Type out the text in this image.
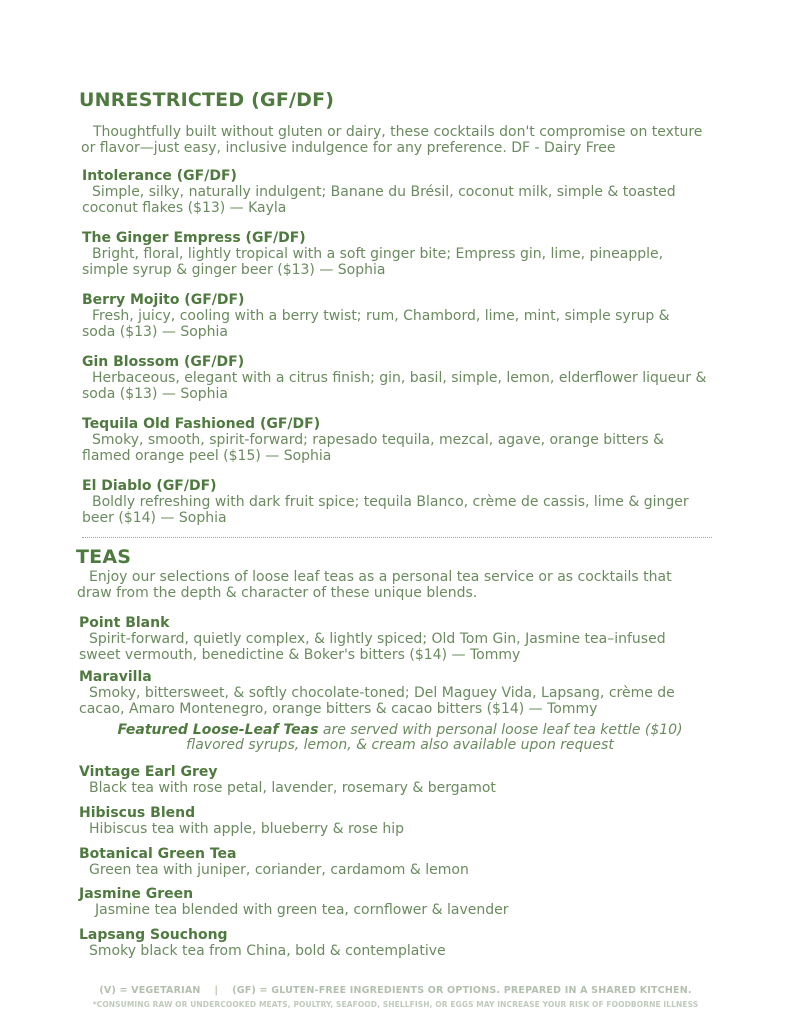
UNRESTRICTED (GF/DF)
Thoughtfully built without gluten or dairy, these cocktails don't compromise on texture or flavor—just easy, inclusive indulgence for any preference. DF - Dairy Free
Intolerance (GF/DF)
Simple, silky, naturally indulgent; Banane du Brésil, coconut milk, simple & toasted coconut flakes ($13) — Kayla
The Ginger Empress (GF/DF)
Bright, floral, lightly tropical with a soft ginger bite; Empress gin, lime, pineapple, simple syrup & ginger beer ($13) — Sophia
Berry Mojito (GF/DF)
Fresh, juicy, cooling with a berry twist; rum, Chambord, lime, mint, simple syrup & soda ($13) — Sophia
Gin Blossom (GF/DF)
Herbaceous, elegant with a citrus finish; gin, basil, simple, lemon, elderflower liqueur & soda ($13) — Sophia
Tequila Old Fashioned (GF/DF)
Smoky, smooth, spirit-forward; rapesado tequila, mezcal, agave, orange bitters & flamed orange peel ($15) — Sophia
El Diablo (GF/DF)
Boldly refreshing with dark fruit spice; tequila Blanco, crème de cassis, lime & ginger beer ($14) — Sophia
TEAS
Enjoy our selections of loose leaf teas as a personal tea service or as cocktails that draw from the depth & character of these unique blends.
Point Blank
Spirit-forward, quietly complex, & lightly spiced; Old Tom Gin, Jasmine tea–infused sweet vermouth, benedictine & Boker's bitters ($14) — Tommy
Maravilla
Smoky, bittersweet, & softly chocolate-toned; Del Maguey Vida, Lapsang, crème de cacao, Amaro Montenegro, orange bitters & cacao bitters ($14) — Tommy
Featured Loose-Leaf Teas are served with personal loose leaf tea kettle ($10)
flavored syrups, lemon, & cream also available upon request
Vintage Earl Grey
Black tea with rose petal, lavender, rosemary & bergamot
Hibiscus Blend
Hibiscus tea with apple, blueberry & rose hip
Botanical Green Tea
Green tea with juniper, coriander, cardamom & lemon
Jasmine Green
Jasmine tea blended with green tea, cornflower & lavender
Lapsang Souchong
Smoky black tea from China, bold & contemplative
(V) = VEGETARIAN    |    (GF) = GLUTEN-FREE INGREDIENTS OR OPTIONS. PREPARED IN A SHARED KITCHEN.
*CONSUMING RAW OR UNDERCOOKED MEATS, POULTRY, SEAFOOD, SHELLFISH, OR EGGS MAY INCREASE YOUR RISK OF FOODBORNE ILLNESS
